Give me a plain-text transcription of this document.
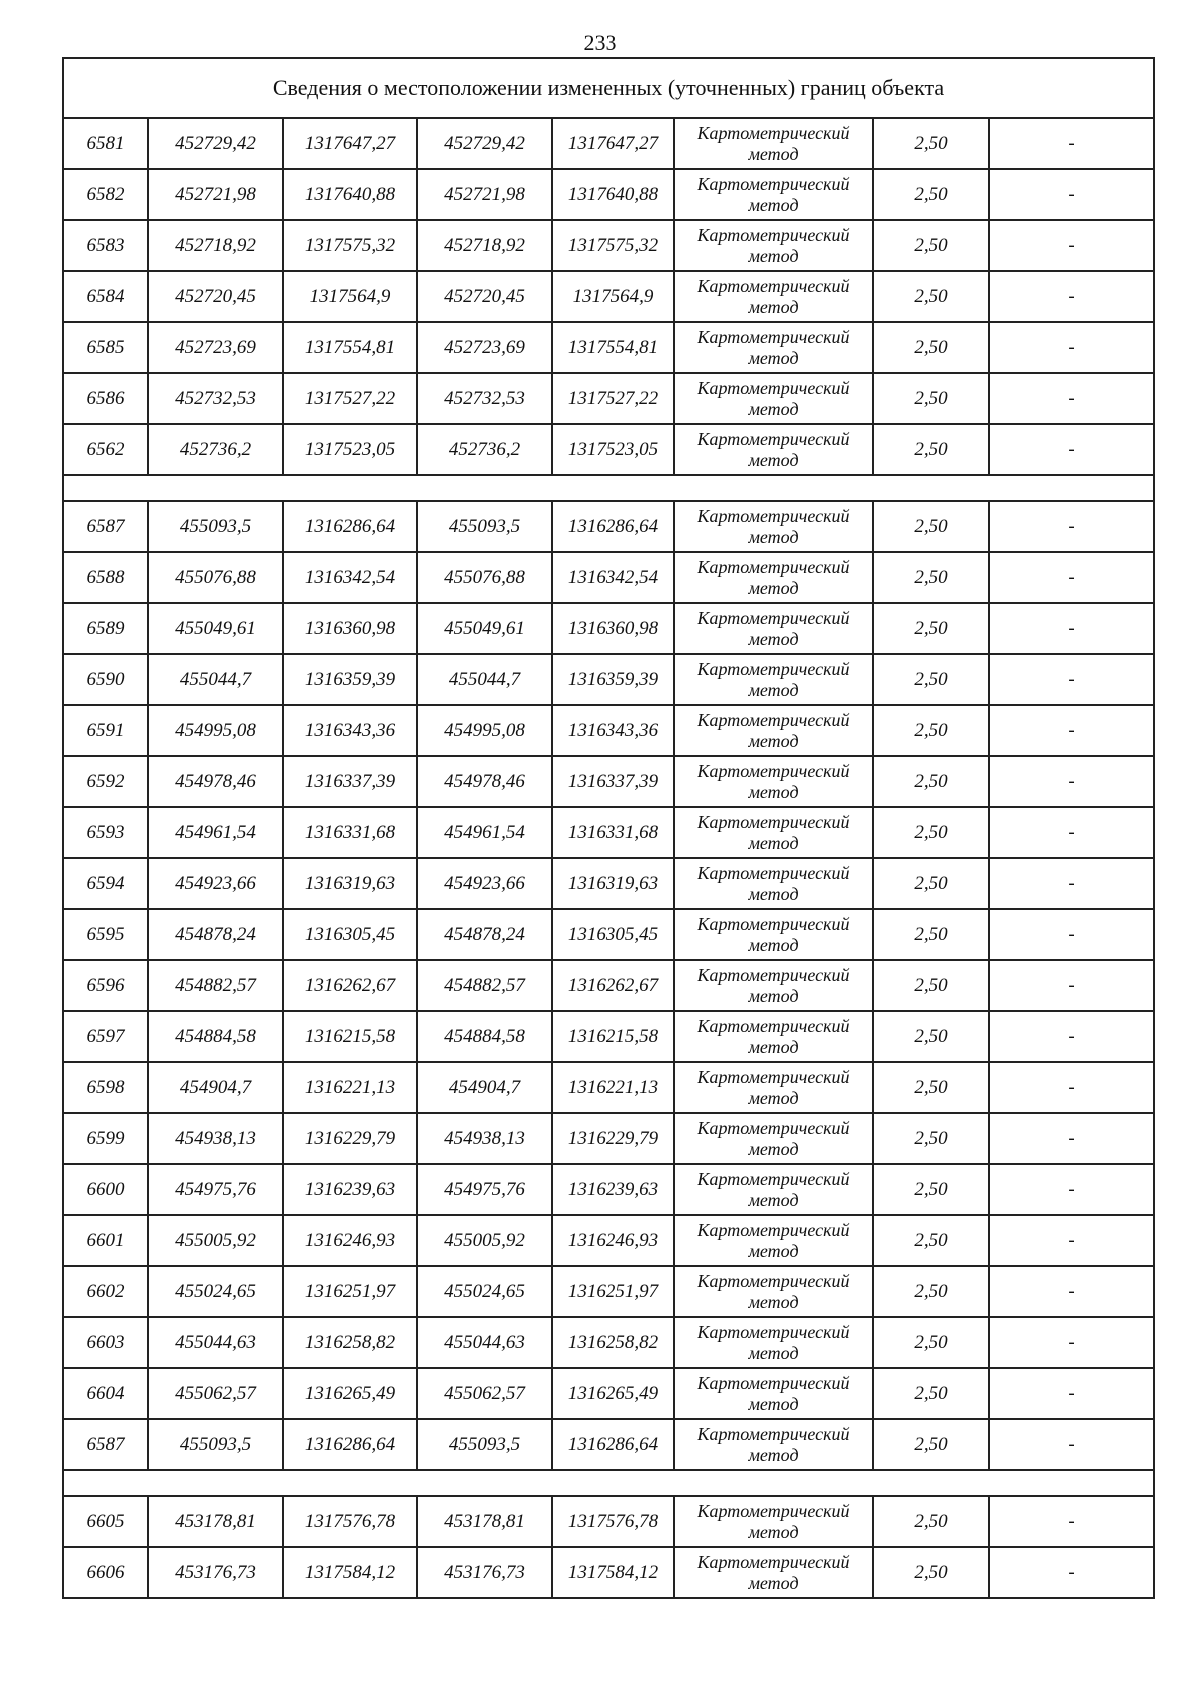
233
Сведения о местоположении измененных (уточненных) границ объекта							
6581	452729,42	1317647,27	452729,42	1317647,27	Картометрический метод	2,50	-
6582	452721,98	1317640,88	452721,98	1317640,88	Картометрический метод	2,50	-
6583	452718,92	1317575,32	452718,92	1317575,32	Картометрический метод	2,50	-
6584	452720,45	1317564,9	452720,45	1317564,9	Картометрический метод	2,50	-
6585	452723,69	1317554,81	452723,69	1317554,81	Картометрический метод	2,50	-
6586	452732,53	1317527,22	452732,53	1317527,22	Картометрический метод	2,50	-
6562	452736,2	1317523,05	452736,2	1317523,05	Картометрический метод	2,50	-

6587	455093,5	1316286,64	455093,5	1316286,64	Картометрический метод	2,50	-
6588	455076,88	1316342,54	455076,88	1316342,54	Картометрический метод	2,50	-
6589	455049,61	1316360,98	455049,61	1316360,98	Картометрический метод	2,50	-
6590	455044,7	1316359,39	455044,7	1316359,39	Картометрический метод	2,50	-
6591	454995,08	1316343,36	454995,08	1316343,36	Картометрический метод	2,50	-
6592	454978,46	1316337,39	454978,46	1316337,39	Картометрический метод	2,50	-
6593	454961,54	1316331,68	454961,54	1316331,68	Картометрический метод	2,50	-
6594	454923,66	1316319,63	454923,66	1316319,63	Картометрический метод	2,50	-
6595	454878,24	1316305,45	454878,24	1316305,45	Картометрический метод	2,50	-
6596	454882,57	1316262,67	454882,57	1316262,67	Картометрический метод	2,50	-
6597	454884,58	1316215,58	454884,58	1316215,58	Картометрический метод	2,50	-
6598	454904,7	1316221,13	454904,7	1316221,13	Картометрический метод	2,50	-
6599	454938,13	1316229,79	454938,13	1316229,79	Картометрический метод	2,50	-
6600	454975,76	1316239,63	454975,76	1316239,63	Картометрический метод	2,50	-
6601	455005,92	1316246,93	455005,92	1316246,93	Картометрический метод	2,50	-
6602	455024,65	1316251,97	455024,65	1316251,97	Картометрический метод	2,50	-
6603	455044,63	1316258,82	455044,63	1316258,82	Картометрический метод	2,50	-
6604	455062,57	1316265,49	455062,57	1316265,49	Картометрический метод	2,50	-
6587	455093,5	1316286,64	455093,5	1316286,64	Картометрический метод	2,50	-

6605	453178,81	1317576,78	453178,81	1317576,78	Картометрический метод	2,50	-
6606	453176,73	1317584,12	453176,73	1317584,12	Картометрический метод	2,50	-
